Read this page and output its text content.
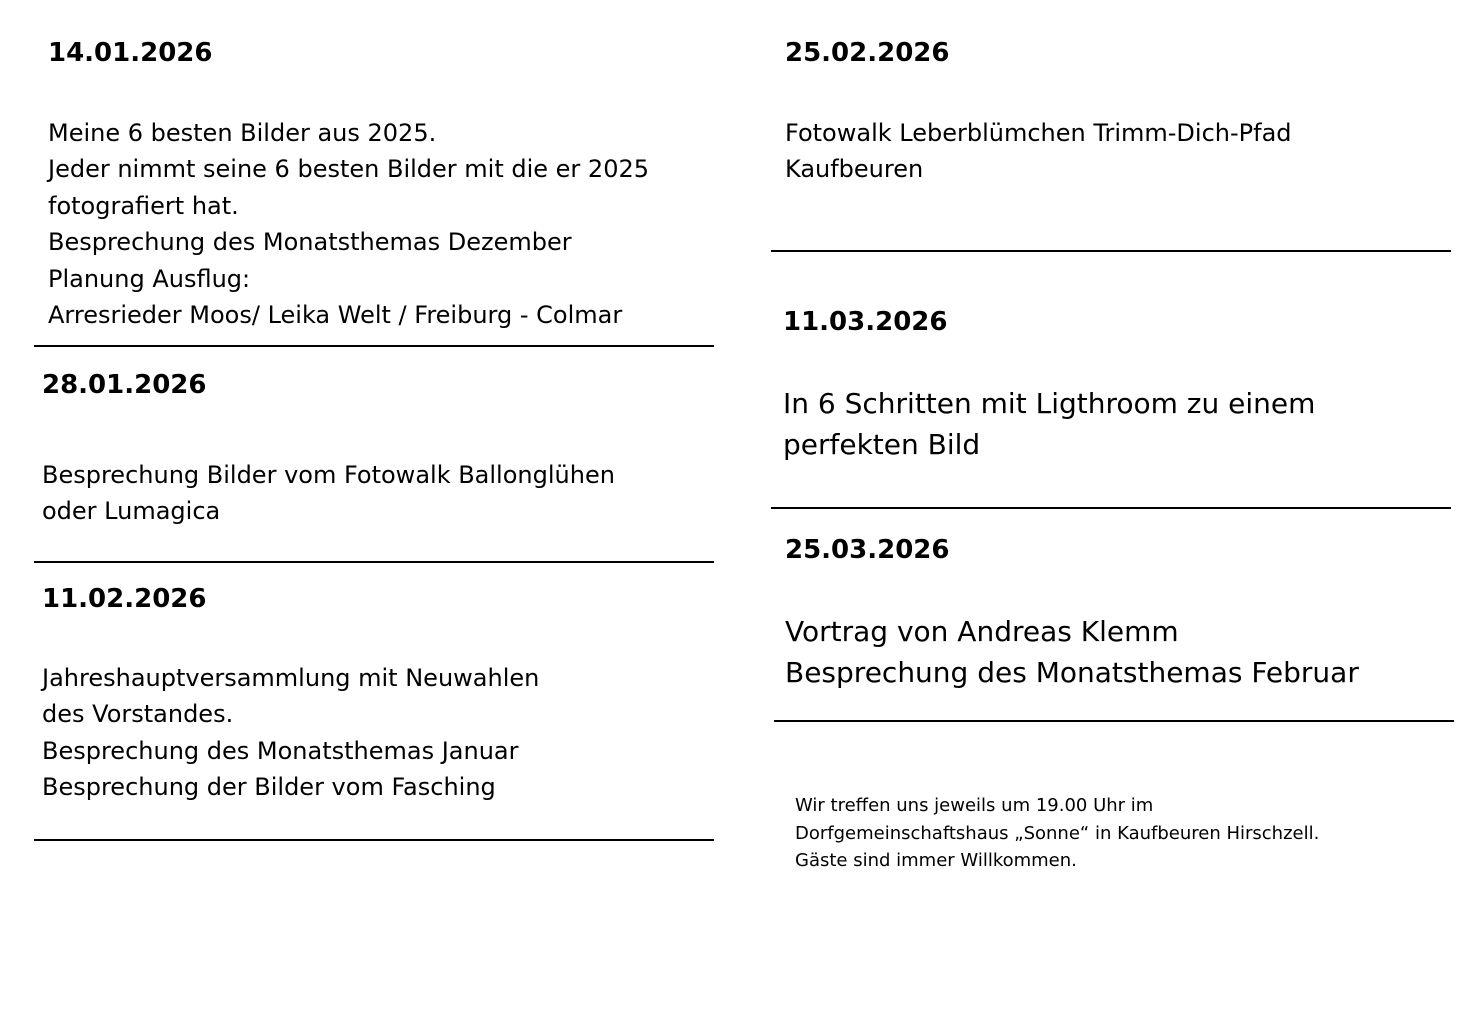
14.01.2026
Meine 6 besten Bilder aus 2025.
Jeder nimmt seine 6 besten Bilder mit die er 2025
fotografiert hat.
Besprechung des Monatsthemas Dezember
Planung Ausflug:
Arresrieder Moos/ Leika Welt / Freiburg - Colmar
28.01.2026
Besprechung Bilder vom Fotowalk Ballonglühen
oder Lumagica
11.02.2026
Jahreshauptversammlung mit Neuwahlen
des Vorstandes.
Besprechung des Monatsthemas Januar
Besprechung der Bilder vom Fasching
25.02.2026
Fotowalk Leberblümchen Trimm-Dich-Pfad
Kaufbeuren
11.03.2026
In 6 Schritten mit Ligthroom zu einem
perfekten Bild
25.03.2026
Vortrag von Andreas Klemm
Besprechung des Monatsthemas Februar
Wir treffen uns jeweils um 19.00 Uhr im
Dorfgemeinschaftshaus „Sonne“ in Kaufbeuren Hirschzell.
Gäste sind immer Willkommen.
